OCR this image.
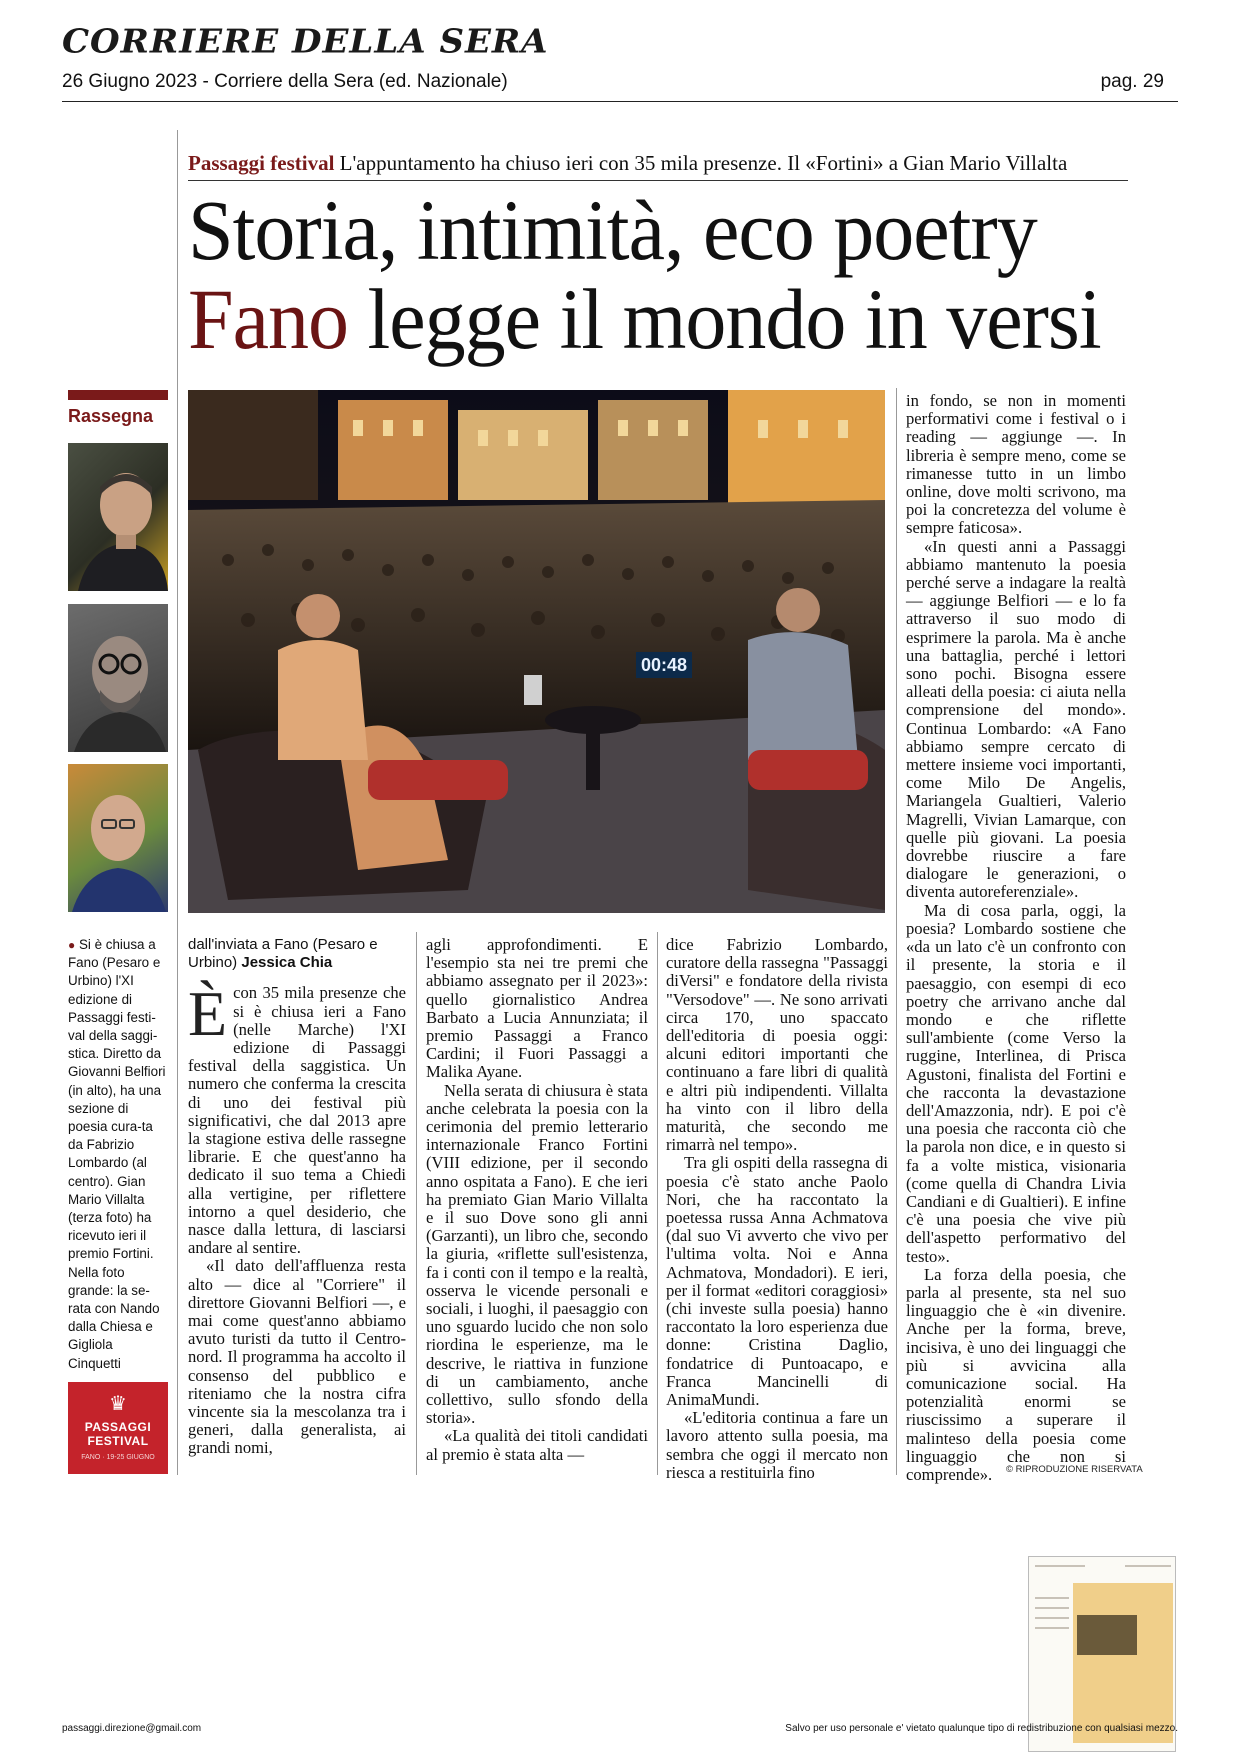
CORRIERE DELLA SERA
26 Giugno 2023 - Corriere della Sera (ed. Nazionale)	pag. 29
Passaggi festival L'appuntamento ha chiuso ieri con 35 mila presenze. Il «Fortini» a Gian Mario Villalta
Storia, intimità, eco poetry
Fano legge il mondo in versi
Rassegna
● Si è chiusa a Fano (Pesaro e Urbino) l'XI edizione di Passaggi festi-val della saggi-stica. Diretto da Giovanni Belfiori (in alto), ha una sezione di poesia cura-ta da Fabrizio Lombardo (al centro). Gian Mario Villalta (terza foto) ha ricevuto ieri il premio Fortini. Nella foto grande: la se-rata con Nando dalla Chiesa e Gigliola Cinquetti
♛
PASSAGGI
FESTIVAL
FANO · 19-25 GIUGNO
00:48
dall'inviata a Fano (Pesaro e Urbino) Jessica Chia
È con 35 mila presenze che si è chiusa ieri a Fano (nelle Marche) l'XI edizione di Passaggi festival della saggistica. Un numero che conferma la crescita di uno dei festival più significativi, che dal 2013 apre la stagione estiva delle rassegne librarie. E che quest'anno ha dedicato il suo tema a Chiedi alla vertigine, per riflettere intorno a quel desiderio, che nasce dalla lettura, di lasciarsi andare al sentire.

«Il dato dell'affluenza resta alto — dice al "Corriere" il direttore Giovanni Belfiori —, e mai come quest'anno abbiamo avuto turisti da tutto il Centro-nord. Il programma ha accolto il consenso del pubblico e riteniamo che la nostra cifra vincente sia la mescolanza tra i generi, dalla generalista, ai grandi nomi,

agli approfondimenti. E l'esempio sta nei tre premi che abbiamo assegnato per il 2023»: quello giornalistico Andrea Barbato a Lucia Annunziata; il premio Passaggi a Franco Cardini; il Fuori Passaggi a Malika Ayane.

Nella serata di chiusura è stata anche celebrata la poesia con la cerimonia del premio letterario internazionale Franco Fortini (VIII edizione, per il secondo anno ospitata a Fano). E che ieri ha premiato Gian Mario Villalta e il suo Dove sono gli anni (Garzanti), un libro che, secondo la giuria, «riflette sull'esistenza, fa i conti con il tempo e la realtà, osserva le vicende personali e sociali, i luoghi, il paesaggio con uno sguardo lucido che non solo riordina le esperienze, ma le descrive, le riattiva in funzione di un cambiamento, anche collettivo, sullo sfondo della storia».

«La qualità dei titoli candidati al premio è stata alta —

dice Fabrizio Lombardo, curatore della rassegna "Passaggi diVersi" e fondatore della rivista "Versodove" —. Ne sono arrivati circa 170, uno spaccato dell'editoria di poesia oggi: alcuni editori importanti che continuano a fare libri di qualità e altri più indipendenti. Villalta ha vinto con il libro della maturità, che secondo me rimarrà nel tempo».

Tra gli ospiti della rassegna di poesia c'è stato anche Paolo Nori, che ha raccontato la poetessa russa Anna Achmatova (dal suo Vi avverto che vivo per l'ultima volta. Noi e Anna Achmatova, Mondadori). E ieri, per il format «editori coraggiosi» (chi investe sulla poesia) hanno raccontato la loro esperienza due donne: Cristina Daglio, fondatrice di Puntoacapo, e Franca Mancinelli di AnimaMundi.

«L'editoria continua a fare un lavoro attento sulla poesia, ma sembra che oggi il mercato non riesca a restituirla fino

in fondo, se non in momenti performativi come i festival o i reading — aggiunge —. In libreria è sempre meno, come se rimanesse tutto in un limbo online, dove molti scrivono, ma poi la concretezza del volume è sempre faticosa».

«In questi anni a Passaggi abbiamo mantenuto la poesia perché serve a indagare la realtà — aggiunge Belfiori — e lo fa attraverso il suo modo di esprimere la parola. Ma è anche una battaglia, perché i lettori sono pochi. Bisogna essere alleati della poesia: ci aiuta nella comprensione del mondo». Continua Lombardo: «A Fano abbiamo sempre cercato di mettere insieme voci importanti, come Milo De Angelis, Mariangela Gualtieri, Valerio Magrelli, Vivian Lamarque, con quelle più giovani. La poesia dovrebbe riuscire a fare dialogare le generazioni, o diventa autoreferenziale».

Ma di cosa parla, oggi, la poesia? Lombardo sostiene che «da un lato c'è un confronto con il presente, la storia e il paesaggio, con esempi di eco poetry che arrivano anche dal mondo e che riflette sull'ambiente (come Verso la ruggine, Interlinea, di Prisca Agustoni, finalista del Fortini e che racconta la devastazione dell'Amazzonia, ndr). E poi c'è una poesia che racconta ciò che la parola non dice, e in questo si fa a volte mistica, visionaria (come quella di Chandra Livia Candiani e di Gualtieri). E infine c'è una poesia che vive più dell'aspetto performativo del testo».

La forza della poesia, che parla al presente, sta nel suo linguaggio che è «in divenire. Anche per la forma, breve, incisiva, è uno dei linguaggi che più si avvicina alla comunicazione social. Ha potenzialità enormi se riuscissimo a superare il malinteso della poesia come linguaggio che non si comprende».	© RIPRODUZIONE RISERVATA
passaggi.direzione@gmail.com	Salvo per uso personale e' vietato qualunque tipo di redistribuzione con qualsiasi mezzo.
